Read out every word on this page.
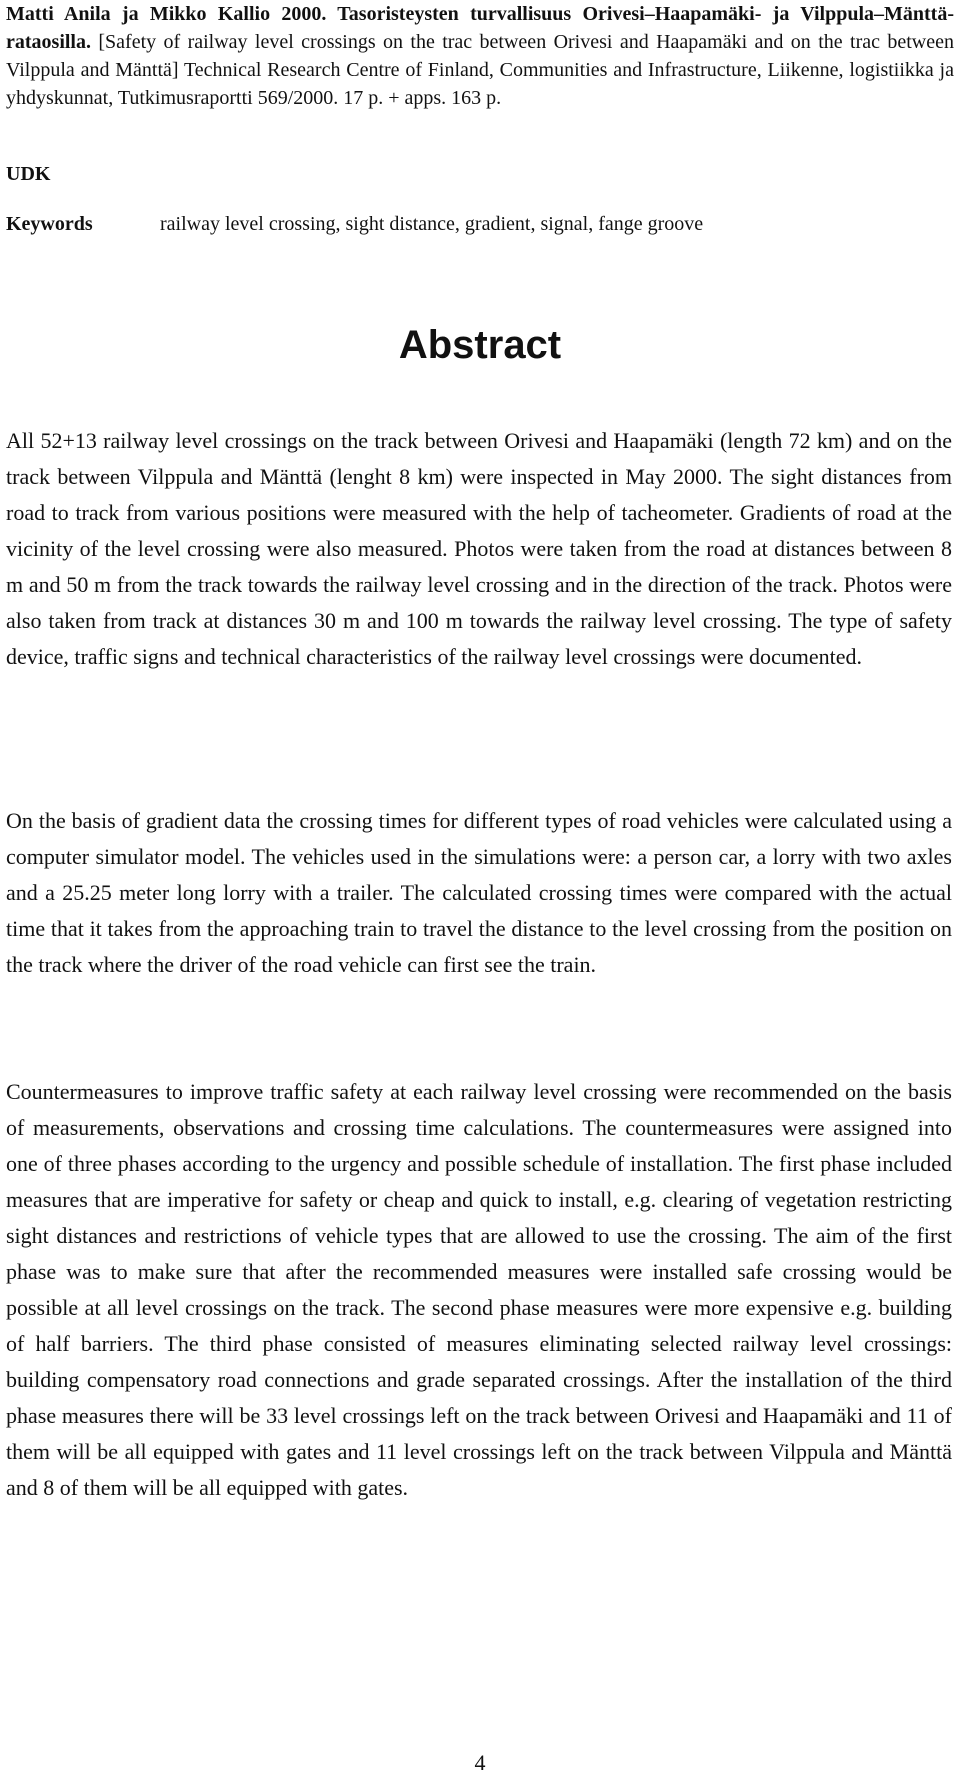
Matti Anila ja Mikko Kallio 2000. Tasoristeysten turvallisuus Orivesi–Haapamäki- ja Vilppula–Mänttä-rataosilla. [Safety of railway level crossings on the trac between Orivesi and Haapamäki and on the trac between Vilppula and Mänttä] Technical Research Centre of Finland, Communities and Infrastructure, Liikenne, logistiikka ja yhdyskunnat, Tutkimusraportti 569/2000. 17 p. + apps. 163 p.

UDK

Keywords	railway level crossing, sight distance, gradient, signal, fange groove

Abstract

All 52+13 railway level crossings on the track between Orivesi and Haapamäki (length 72 km) and on the track between Vilppula and Mänttä (lenght 8 km) were inspected in May 2000. The sight distances from road to track from various positions were measured with the help of tacheometer. Gradients of road at the vicinity of the level crossing were also measured. Photos were taken from the road at distances between 8 m and 50 m from the track towards the railway level crossing and in the direction of the track. Photos were also taken from track at distances 30 m and 100 m towards the railway level crossing. The type of safety device, traffic signs and technical characteristics of the railway level crossings were documented.

On the basis of gradient data the crossing times for different types of road vehicles were calculated using a computer simulator model. The vehicles used in the simulations were: a person car, a lorry with two axles and a 25.25 meter long lorry with a trailer. The calculated crossing times were compared with the actual time that it takes from the approaching train to travel the distance to the level crossing from the position on the track where the driver of the road vehicle can first see the train.

Countermeasures to improve traffic safety at each railway level crossing were recommended on the basis of measurements, observations and crossing time calculations. The countermeasures were assigned into one of three phases according to the urgency and possible schedule of installation. The first phase included measures that are imperative for safety or cheap and quick to install, e.g. clearing of vegetation restricting sight distances and restrictions of vehicle types that are allowed to use the crossing. The aim of the first phase was to make sure that after the recommended measures were installed safe crossing would be possible at all level crossings on the track. The second phase measures were more expensive e.g. building of half barriers. The third phase consisted of measures eliminating selected railway level crossings: building compensatory road connections and grade separated crossings. After the installation of the third phase measures there will be 33 level crossings left on the track between Orivesi and Haapamäki and 11 of them will be all equipped with gates and 11 level crossings left on the track between Vilppula and Mänttä and 8 of them will be all equipped with gates.

4
